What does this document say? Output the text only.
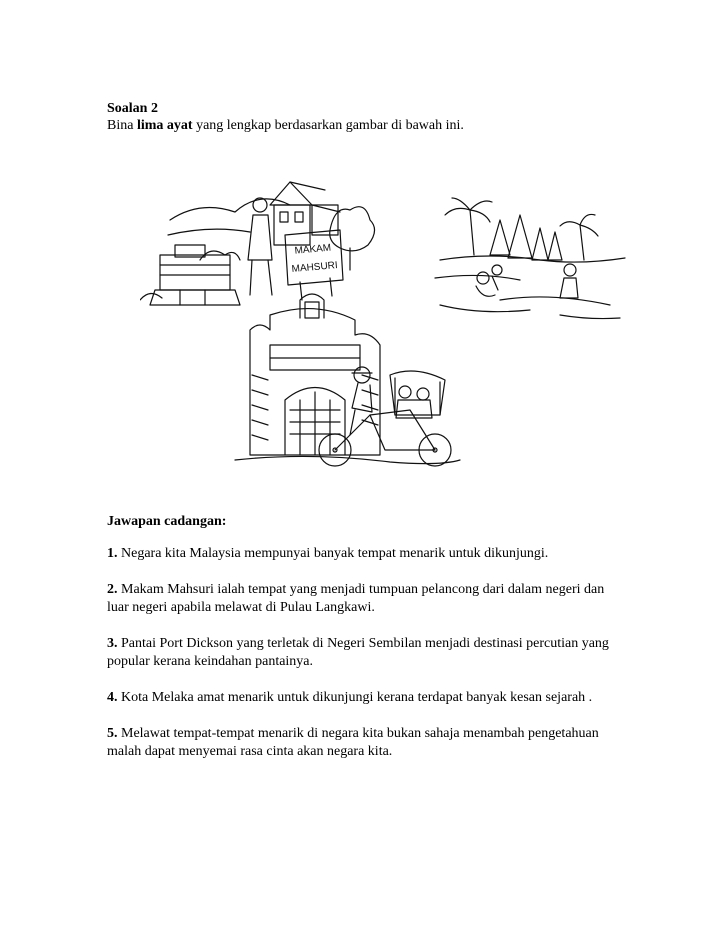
Soalan 2
Bina lima ayat yang lengkap berdasarkan gambar di bawah ini.
MAKAM
MAHSURI
Jawapan cadangan:
1. Negara kita Malaysia mempunyai banyak tempat menarik untuk dikunjungi.
2. Makam Mahsuri ialah tempat yang menjadi tumpuan pelancong dari dalam negeri dan luar negeri apabila melawat di Pulau Langkawi.
3. Pantai Port Dickson yang terletak di Negeri Sembilan menjadi destinasi percutian yang popular kerana keindahan pantainya.
4. Kota Melaka amat menarik untuk dikunjungi kerana terdapat banyak kesan sejarah .
5. Melawat tempat-tempat menarik di negara kita bukan sahaja menambah pengetahuan malah dapat menyemai rasa cinta akan negara kita.
